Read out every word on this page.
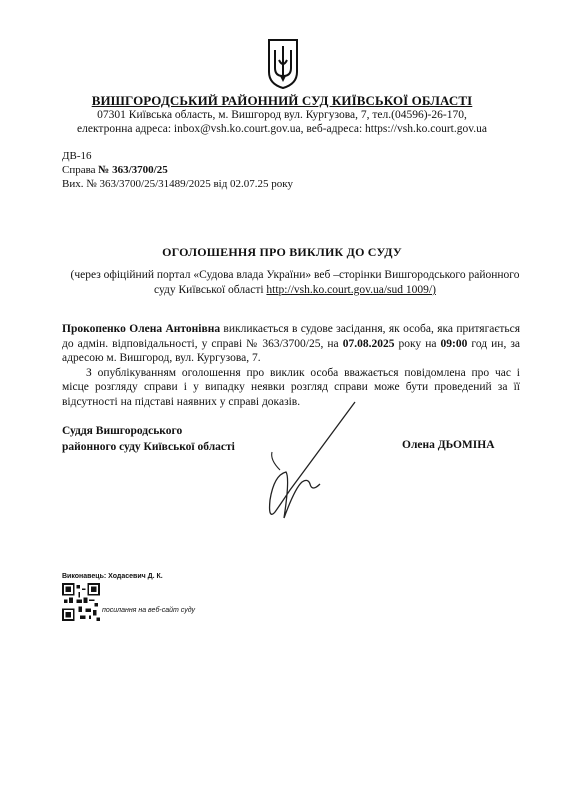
ВИШГОРОДСЬКИЙ РАЙОННИЙ СУД КИЇВСЬКОЇ ОБЛАСТІ
07301 Київська область, м. Вишгород вул. Кургузова, 7, тел.(04596)-26-170,
електронна адреса: inbox@vsh.ko.court.gov.ua, веб-адреса: https://vsh.ko.court.gov.ua
ДВ-16
Справа № 363/3700/25
Вих. № 363/3700/25/31489/2025 від 02.07.25 року
ОГОЛОШЕННЯ ПРО ВИКЛИК ДО СУДУ
(через офіційний портал «Судова влада України» веб –сторінки Вишгородського районного суду Київської області http://vsh.ko.court.gov.ua/sud 1009/)

Прокопенко Олена Антонівна викликається в судове засідання, як особа, яка притягається до адмін. відповідальності, у справі № 363/3700/25, на 07.08.2025 року на 09:00 год ин, за адресою м. Вишгород, вул. Кургузова, 7.

З опублікуванням оголошення про виклик особа вважається повідомлена про час і місце розгляду справи і у випадку неявки розгляд справи може бути проведений за її відсутності на підставі наявних у справі доказів.

Суддя Вишгородського
районного суду Київської області	Олена ДЬОМІНА
Виконавець: Ходасевич Д. К.
посилання на веб-сайт суду
